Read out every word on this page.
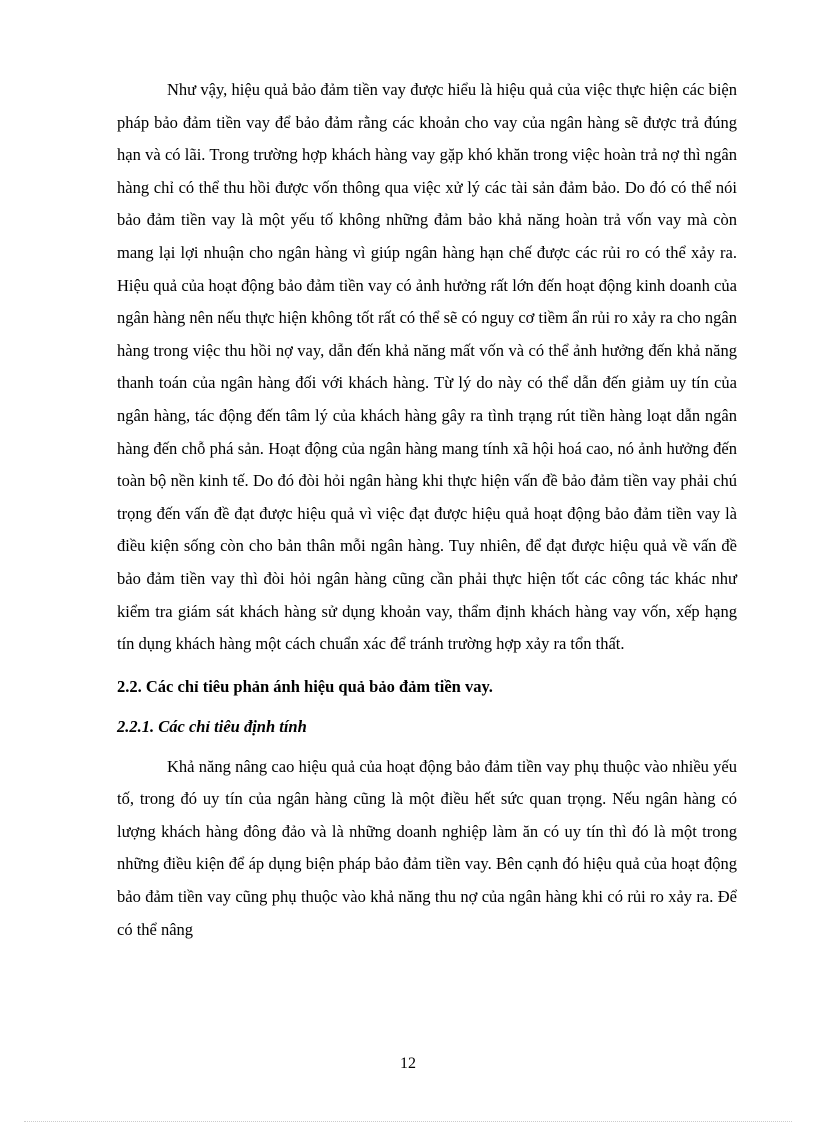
Như vậy, hiệu quả bảo đảm tiền vay được hiểu là hiệu quả của việc thực hiện các biện pháp bảo đảm tiền vay để bảo đảm rằng các khoản cho vay của ngân hàng sẽ được trả đúng hạn và có lãi. Trong trường hợp khách hàng vay gặp khó khăn trong việc hoàn trả nợ thì ngân hàng chỉ có thể thu hồi được vốn thông qua việc xử lý các tài sản đảm bảo. Do đó có thể nói bảo đảm tiền vay là một yếu tố không những đảm bảo khả năng hoàn trả vốn vay mà còn mang lại lợi nhuận cho ngân hàng vì giúp ngân hàng hạn chế được các rủi ro có thể xảy ra. Hiệu quả của hoạt động bảo đảm tiền vay có ảnh hưởng rất lớn đến hoạt động kinh doanh của ngân hàng nên nếu thực hiện không tốt rất có thể sẽ có nguy cơ tiềm ẩn rủi ro xảy ra cho ngân hàng trong việc thu hồi nợ vay, dẫn đến khả năng mất vốn và có thể ảnh hưởng đến khả năng thanh toán của ngân hàng đối với khách hàng. Từ lý do này có thể dẫn đến giảm uy tín của ngân hàng, tác động đến tâm lý của khách hàng gây ra tình trạng rút tiền hàng loạt dẫn ngân hàng đến chỗ phá sản. Hoạt động của ngân hàng mang tính xã hội hoá cao, nó ảnh hưởng đến toàn bộ nền kinh tế. Do đó đòi hỏi ngân hàng khi thực hiện vấn đề bảo đảm tiền vay phải chú trọng đến vấn đề đạt được hiệu quả vì việc đạt được hiệu quả hoạt động bảo đảm tiền vay là điều kiện sống còn cho bản thân mỗi ngân hàng. Tuy nhiên, để đạt được hiệu quả về vấn đề bảo đảm tiền vay thì đòi hỏi ngân hàng cũng cần phải thực hiện tốt các công tác khác như kiểm tra giám sát khách hàng sử dụng khoản vay, thẩm định khách hàng vay vốn, xếp hạng tín dụng khách hàng một cách chuẩn xác để tránh trường hợp xảy ra tổn thất.

2.2. Các chỉ tiêu phản ánh hiệu quả bảo đảm tiền vay.
2.2.1. Các chỉ tiêu định tính

Khả năng nâng cao hiệu quả của hoạt động bảo đảm tiền vay phụ thuộc vào nhiều yếu tố, trong đó uy tín của ngân hàng cũng là một điều hết sức quan trọng. Nếu ngân hàng có lượng khách hàng đông đảo và là những doanh nghiệp làm ăn có uy tín thì đó là một trong những điều kiện để áp dụng biện pháp bảo đảm tiền vay. Bên cạnh đó hiệu quả của hoạt động bảo đảm tiền vay cũng phụ thuộc vào khả năng thu nợ của ngân hàng khi có rủi ro xảy ra. Để có thể nâng

12
